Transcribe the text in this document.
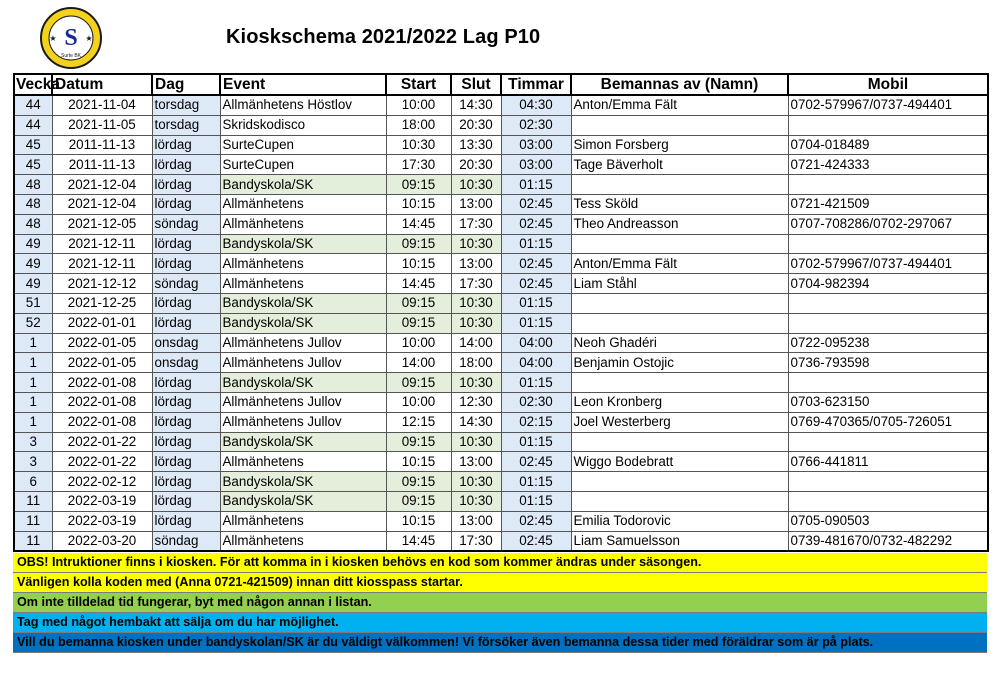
S
Surte BK
★	★	Kioskschema 2021/2022 Lag P10
Vecka	Datum	Dag	Event	Start	Slut	Timmar	Bemannas av (Namn)	Mobil
44	2021-11-04	torsdag	Allmänhetens Höstlov	10:00	14:30	04:30	Anton/Emma Fält	0702-579967/0737-494401
44	2021-11-05	torsdag	Skridskodisco	18:00	20:30	02:30		
45	2011-11-13	lördag	SurteCupen	10:30	13:30	03:00	Simon Forsberg	0704-018489
45	2011-11-13	lördag	SurteCupen	17:30	20:30	03:00	Tage Bäverholt	0721-424333
48	2021-12-04	lördag	Bandyskola/SK	09:15	10:30	01:15		
48	2021-12-04	lördag	Allmänhetens	10:15	13:00	02:45	Tess Sköld	0721-421509
48	2021-12-05	söndag	Allmänhetens	14:45	17:30	02:45	Theo Andreasson	0707-708286/0702-297067
49	2021-12-11	lördag	Bandyskola/SK	09:15	10:30	01:15		
49	2021-12-11	lördag	Allmänhetens	10:15	13:00	02:45	Anton/Emma Fält	0702-579967/0737-494401
49	2021-12-12	söndag	Allmänhetens	14:45	17:30	02:45	Liam Ståhl	0704-982394
51	2021-12-25	lördag	Bandyskola/SK	09:15	10:30	01:15		
52	2022-01-01	lördag	Bandyskola/SK	09:15	10:30	01:15		
1	2022-01-05	onsdag	Allmänhetens Jullov	10:00	14:00	04:00	Neoh Ghadéri	0722-095238
1	2022-01-05	onsdag	Allmänhetens Jullov	14:00	18:00	04:00	Benjamin Ostojic	0736-793598
1	2022-01-08	lördag	Bandyskola/SK	09:15	10:30	01:15		
1	2022-01-08	lördag	Allmänhetens Jullov	10:00	12:30	02:30	Leon Kronberg	0703-623150
1	2022-01-08	lördag	Allmänhetens Jullov	12:15	14:30	02:15	Joel Westerberg	0769-470365/0705-726051
3	2022-01-22	lördag	Bandyskola/SK	09:15	10:30	01:15		
3	2022-01-22	lördag	Allmänhetens	10:15	13:00	02:45	Wiggo Bodebratt	0766-441811
6	2022-02-12	lördag	Bandyskola/SK	09:15	10:30	01:15		
11	2022-03-19	lördag	Bandyskola/SK	09:15	10:30	01:15		
11	2022-03-19	lördag	Allmänhetens	10:15	13:00	02:45	Emilia Todorovic	0705-090503
11	2022-03-20	söndag	Allmänhetens	14:45	17:30	02:45	Liam Samuelsson	0739-481670/0732-482292
OBS! Intruktioner finns i kiosken. För att komma in i kiosken behövs en kod som kommer ändras under säsongen.
Vänligen kolla koden med (Anna 0721-421509) innan ditt kiosspass startar.
Om inte tilldelad tid fungerar, byt med någon annan i listan.
Tag med något hembakt att sälja om du har möjlighet.
Vill du bemanna kiosken under bandyskolan/SK är du väldigt välkommen! Vi försöker även bemanna dessa tider med föräldrar som är på plats.
